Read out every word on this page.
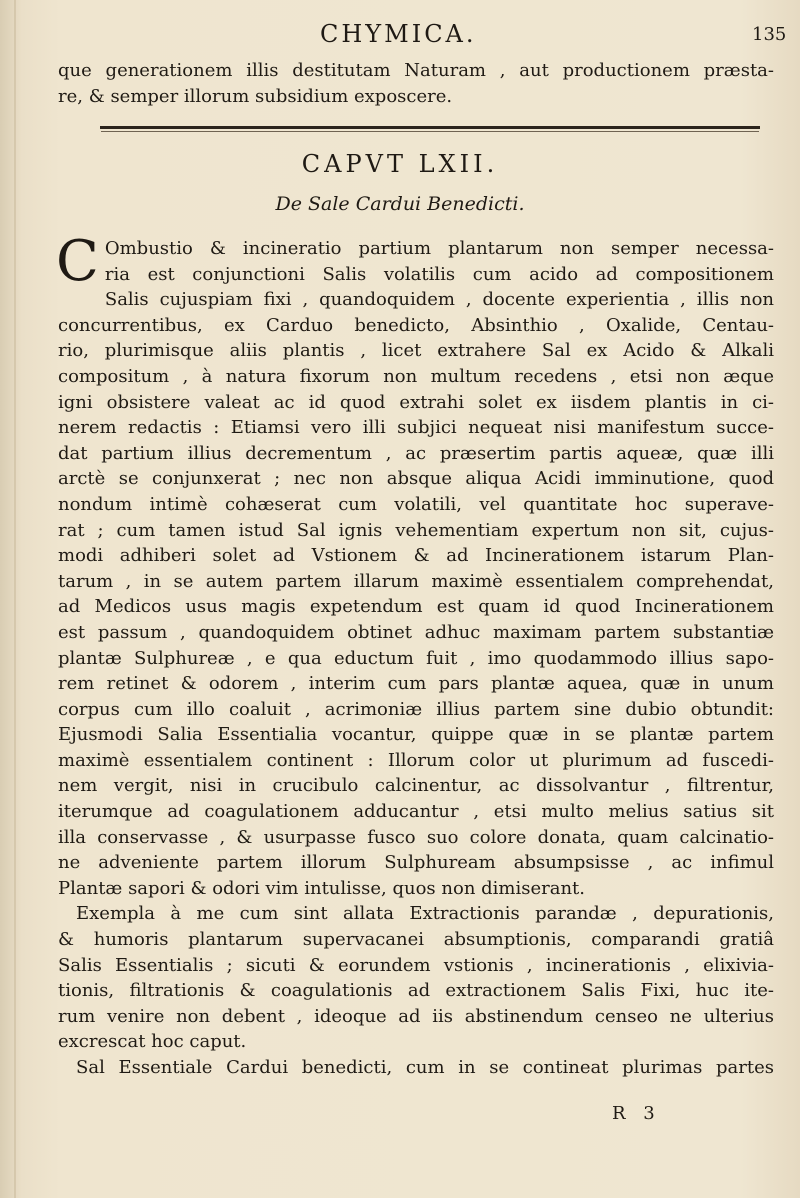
CHYMICA.	135
que generationem illis destitutam Naturam , aut productionem præsta-
re, & semper illorum subsidium exposcere.
CAPVT LXII.
De Sale Cardui Benedicti.
C Ombustio & incineratio partium plantarum non semper necessa-
ria est conjunctioni Salis volatilis cum acido ad compositionem
Salis cujuspiam fixi , quandoquidem , docente experientia , illis non
concurrentibus, ex Carduo benedicto, Absinthio , Oxalide, Centau-
rio, plurimisque aliis plantis , licet extrahere Sal ex Acido & Alkali
compositum , à natura fixorum non multum recedens , etsi non æque
igni obsistere valeat ac id quod extrahi solet ex iisdem plantis in ci-
nerem redactis : Etiamsi vero illi subjici nequeat nisi manifestum succe-
dat partium illius decrementum , ac præsertim partis aqueæ, quæ illi
arctè se conjunxerat ; nec non absque aliqua Acidi imminutione, quod
nondum intimè cohæserat cum volatili, vel quantitate hoc superave-
rat ; cum tamen istud Sal ignis vehementiam expertum non sit, cujus-
modi adhiberi solet ad Vstionem & ad Incinerationem istarum Plan-
tarum , in se autem partem illarum maximè essentialem comprehendat,
ad Medicos usus magis expetendum est quam id quod Incinerationem
est passum , quandoquidem obtinet adhuc maximam partem substantiæ
plantæ Sulphureæ , e qua eductum fuit , imo quodammodo illius sapo-
rem retinet & odorem , interim cum pars plantæ aquea, quæ in unum
corpus cum illo coaluit , acrimoniæ illius partem sine dubio obtundit:
Ejusmodi Salia Essentialia vocantur, quippe quæ in se plantæ partem
maximè essentialem continent : Illorum color ut plurimum ad fuscedi-
nem vergit, nisi in crucibulo calcinentur, ac dissolvantur , filtrentur,
iterumque ad coagulationem adducantur , etsi multo melius satius sit
illa conservasse , & usurpasse fusco suo colore donata, quam calcinatio-
ne adveniente partem illorum Sulphuream absumpsisse , ac infimul
Plantæ sapori & odori vim intulisse, quos non dimiserant.
Exempla à me cum sint allata Extractionis parandæ , depurationis,
& humoris plantarum supervacanei absumptionis, comparandi gratiâ
Salis Essentialis ; sicuti & eorundem vstionis , incinerationis , elixivia-
tionis, filtrationis & coagulationis ad extractionem Salis Fixi, huc ite-
rum venire non debent , ideoque ad iis abstinendum censeo ne ulterius
excrescat hoc caput.
Sal Essentiale Cardui benedicti, cum in se contineat plurimas partes
R 3
